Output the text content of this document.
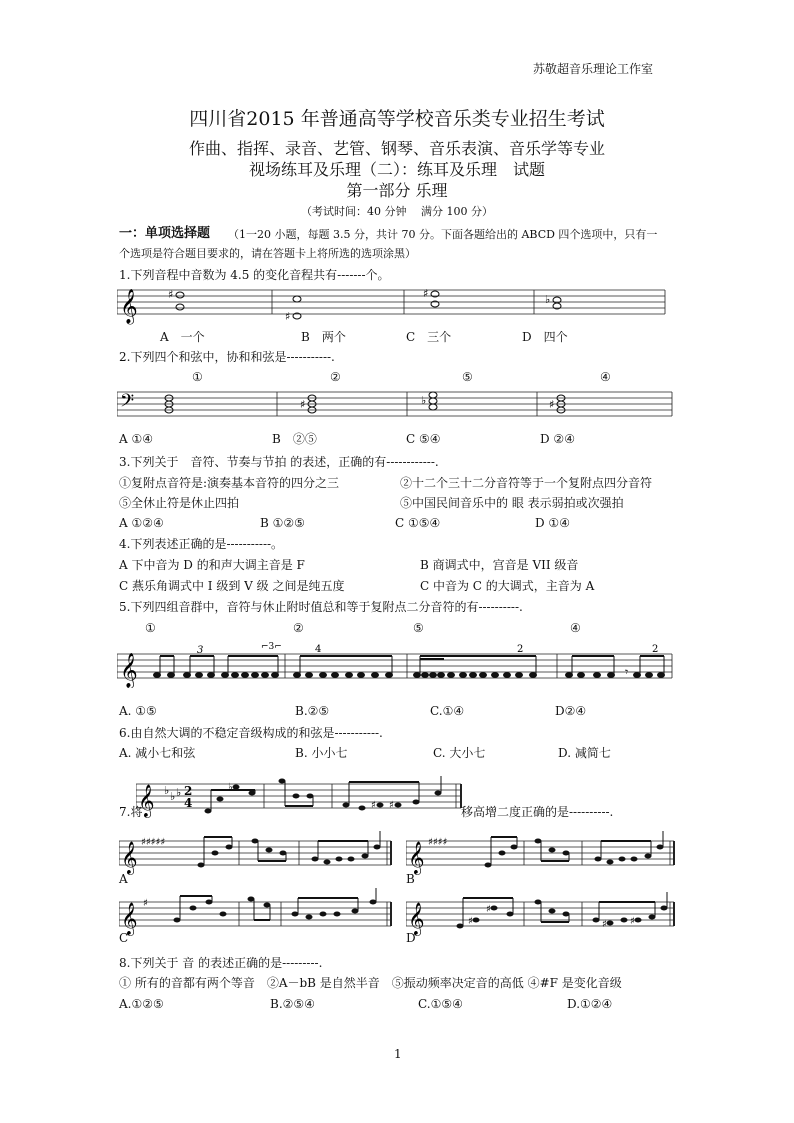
苏敬超音乐理论工作室
四川省2015 年普通高等学校音乐类专业招生考试
作曲、指挥、录音、艺管、钢琴、音乐表演、音乐学等专业
视场练耳及乐理（二）：练耳及乐理　试题
第一部分 乐理
（考试时间：40 分钟　 满分 100 分）
一：单项选择题 （1一20 小题，每题 3.5 分，共计 70 分。下面各题给出的 ABCD 四个选项中，只有一
个选项是符合题目要求的，请在答题卡上将所选的选项涂黑）
1.下列音程中音数为 4.5 的变化音程共有-------个。
𝄞	♯
♯
♯	♭
A　一个	B　两个	C　三个	D　四个
2.下列四个和弦中，协和和弦是-----------.
①	②	⑤	④
𝄢	♯	♭	♯
A ①④	B　②⑤	C ⑤④	D ②④
3.下列关于　音符、节奏与节拍 的表述，正确的有------------.
①复附点音符是:演奏基本音符的四分之三	②十二个三十二分音符等于一个复附点四分音符
⑤全休止符是休止四拍	⑤中国民间音乐中的 眼 表示弱拍或次强拍
A ①②④	B ①②⑤	C ①⑤④	D ①④
4.下列表述正确的是-----------。
A 下中音为 D 的和声大调主音是 F	B 商调式中，宫音是 VII 级音
C 燕乐角调式中 Ⅰ 级到 Ⅴ 级 之间是纯五度	C 中音为 C 的大调式，主音为 A
5.下列四组音群中，音符与休止附时值总和等于复附点二分音符的有----------.
①	②	⑤	④
𝄞
3	⌐3⌐	4	2
𝄾
2
A. ①⑤	B.②⑤	C.①④	D②④
6.由自然大调的不稳定音级构成的和弦是-----------.
A. 减小七和弦	B. 小小七	C. 大小七	D. 减简七
7.将
𝄞 ♭ ♭ ♭ 2
4
♭
♯ ♯	移高增二度正确的是----------.
𝄞 ♯♯♯♯♯
A
𝄞 ♯♯♯♯
B
𝄞 ♯
C
𝄞	♯
♯
♯ ♯
D
8.下列关于 音 的表述正确的是---------.
① 所有的音都有两个等音　②A－bB 是自然半音　⑤振动频率决定音的高低 ④#F 是变化音级
A.①②⑤	B.②⑤④	C.①⑤④	D.①②④
1
